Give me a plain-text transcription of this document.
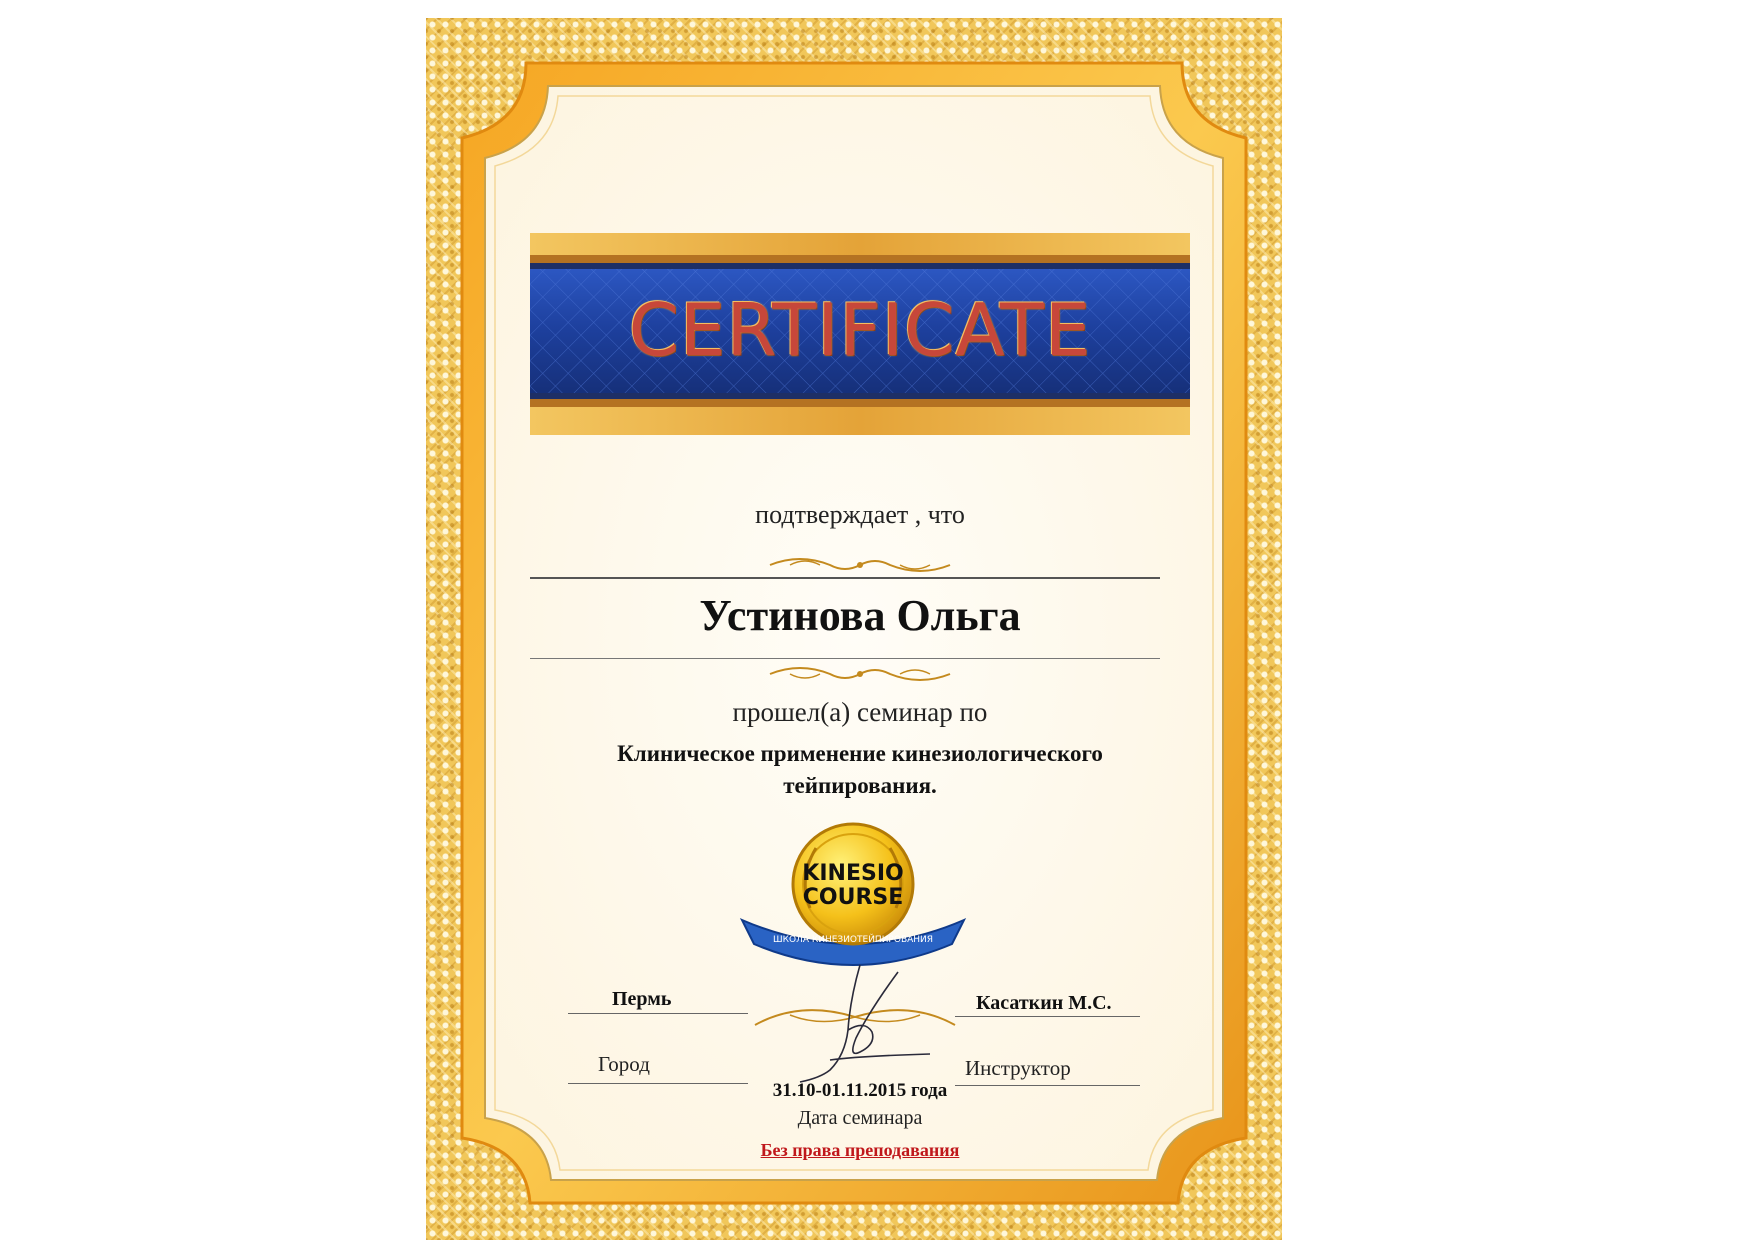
CERTIFICATE
подтверждает , что
Устинова Ольга
прошел(а) семинар по
Клиническое применение кинезиологического
тейпирования.
KINESIO
COURSE
ШКОЛА КИНЕЗИОТЕЙПИРОВАНИЯ
Пермь
Город
Касаткин М.С.
Инструктор
31.10-01.11.2015 года
Дата семинара
Без права преподавания
